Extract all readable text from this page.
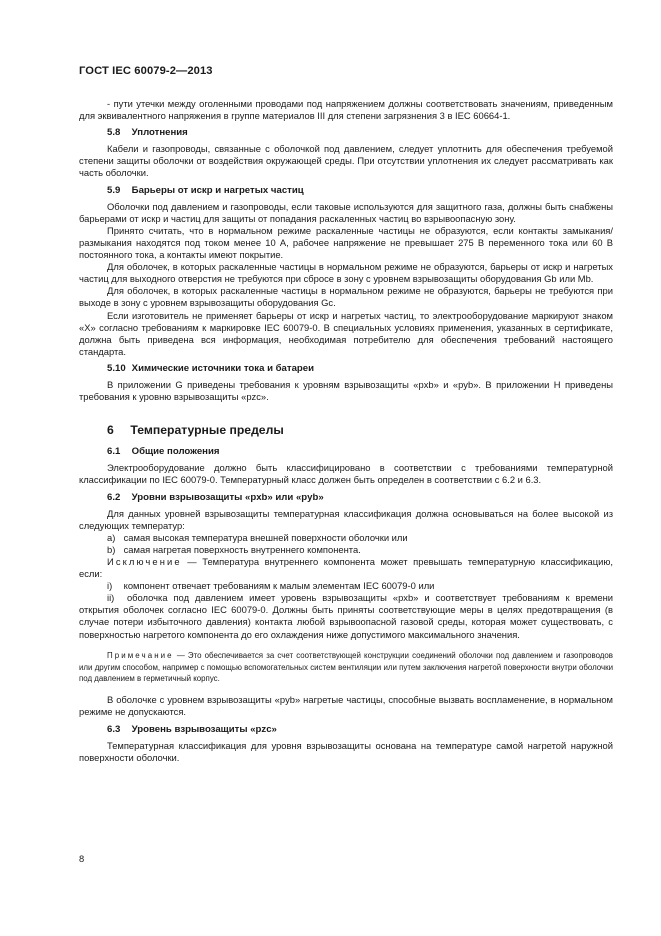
ГОСТ IEC 60079-2—2013

- пути утечки между оголенными проводами под напряжением должны соответствовать значениям, приведенным для эквивалентного напряжения в группе материалов III для степени загрязнения 3 в IEC 60664-1.

5.8 Уплотнения

Кабели и газопроводы, связанные с оболочкой под давлением, следует уплотнить для обеспечения требуемой степени защиты оболочки от воздействия окружающей среды. При отсутствии уплотнения их следует рассматривать как часть оболочки.

5.9 Барьеры от искр и нагретых частиц

Оболочки под давлением и газопроводы, если таковые используются для защитного газа, должны быть снабжены барьерами от искр и частиц для защиты от попадания раскаленных частиц во взрывоопасную зону.

Принято считать, что в нормальном режиме раскаленные частицы не образуются, если контакты замыкания/размыкания находятся под током менее 10 А, рабочее напряжение не превышает 275 В переменного тока или 60 В постоянного тока, а контакты имеют покрытие.

Для оболочек, в которых раскаленные частицы в нормальном режиме не образуются, барьеры от искр и нагретых частиц для выходного отверстия не требуются при сбросе в зону с уровнем взрывозащиты оборудования Gb или Mb.

Для оболочек, в которых раскаленные частицы в нормальном режиме не образуются, барьеры не требуются при выходе в зону с уровнем взрывозащиты оборудования Gc.

Если изготовитель не применяет барьеры от искр и нагретых частиц, то электрооборудование маркируют знаком «X» согласно требованиям к маркировке IEC 60079-0. В специальных условиях применения, указанных в сертификате, должна быть приведена вся информация, необходимая потребителю для обеспечения требований настоящего стандарта.

5.10 Химические источники тока и батареи

В приложении G приведены требования к уровням взрывозащиты «pxb» и «pyb». В приложении H приведены требования к уровню взрывозащиты «pzc».

6 Температурные пределы
6.1 Общие положения

Электрооборудование должно быть классифицировано в соответствии с требованиями температурной классификации по IEC 60079-0. Температурный класс должен быть определен в соответствии с 6.2 и 6.3.

6.2 Уровни взрывозащиты «pxb» или «pyb»

Для данных уровней взрывозащиты температурная классификация должна основываться на более высокой из следующих температур:

а) самая высокая температура внешней поверхности оболочки или

b) самая нагретая поверхность внутреннего компонента.

Исключение — Температура внутреннего компонента может превышать температурную классификацию, если:

i) компонент отвечает требованиям к малым элементам IEC 60079-0 или

ii) оболочка под давлением имеет уровень взрывозащиты «pxb» и соответствует требованиям к времени открытия оболочек согласно IEC 60079-0. Должны быть приняты соответствующие меры в целях предотвращения (в случае потери избыточного давления) контакта любой взрывоопасной газовой среды, которая может существовать, с поверхностью нагретого компонента до его охлаждения ниже допустимого максимального значения.

Примечание — Это обеспечивается за счет соответствующей конструкции соединений оболочки под давлением и газопроводов или другим способом, например с помощью вспомогательных систем вентиляции или путем заключения нагретой поверхности внутри оболочки под давлением в герметичный корпус.

В оболочке с уровнем взрывозащиты «pyb» нагретые частицы, способные вызвать воспламенение, в нормальном режиме не допускаются.

6.3 Уровень взрывозащиты «pzc»

Температурная классификация для уровня взрывозащиты основана на температуре самой нагретой наружной поверхности оболочки.

8
